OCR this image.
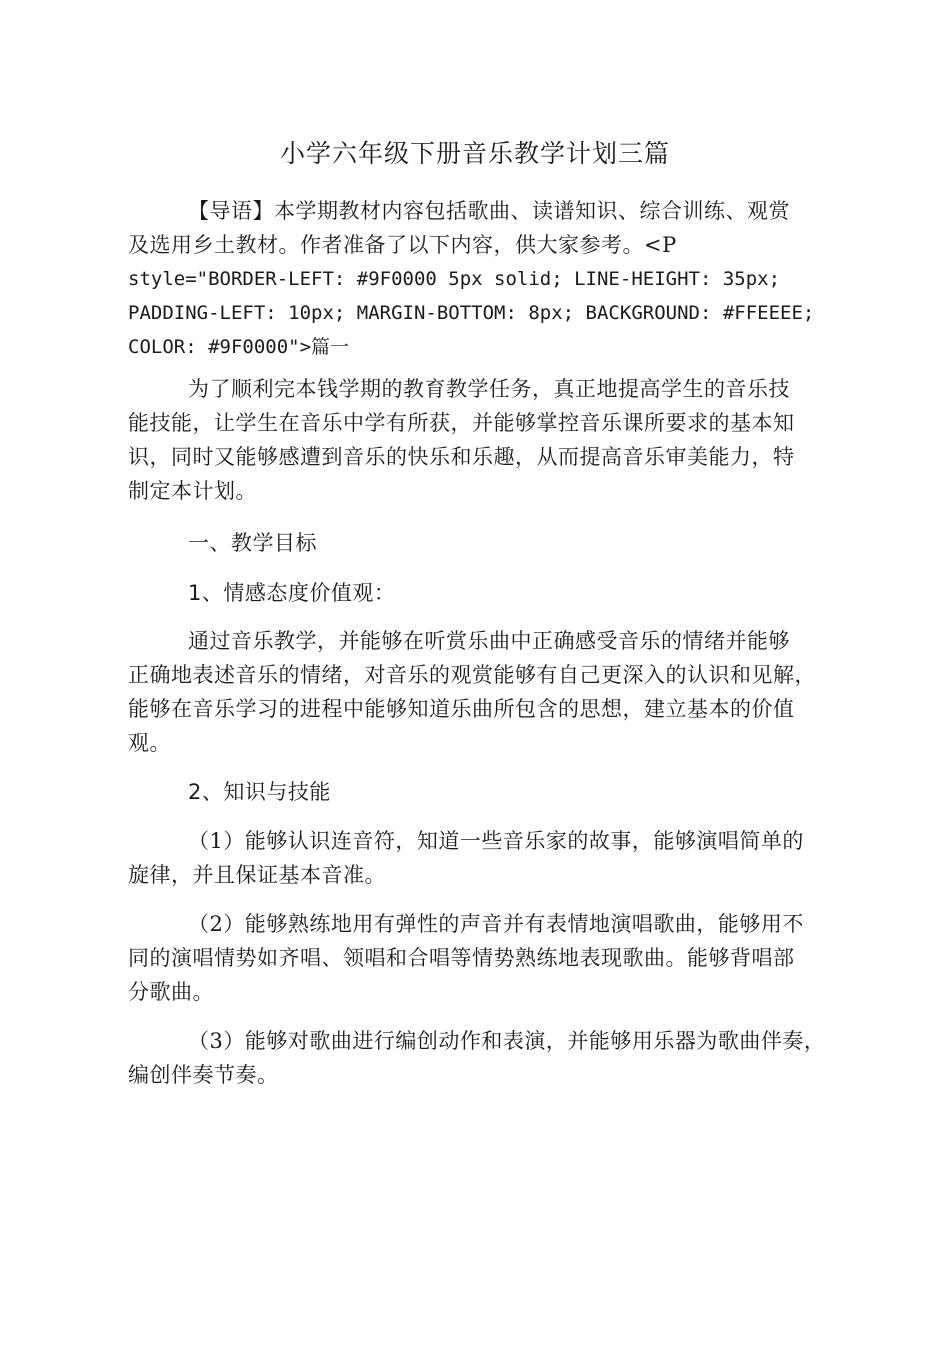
小学六年级下册音乐教学计划三篇
【导语】本学期教材内容包括歌曲、读谱知识、综合训练、观赏
及选用乡土教材。作者准备了以下内容，供大家参考。<P
style="BORDER-LEFT: #9F0000 5px solid; LINE-HEIGHT: 35px;
PADDING-LEFT: 10px; MARGIN-BOTTOM: 8px; BACKGROUND: #FFEEEE;
COLOR: #9F0000">篇一
为了顺利完本钱学期的教育教学任务，真正地提高学生的音乐技
能技能，让学生在音乐中学有所获，并能够掌控音乐课所要求的基本知
识，同时又能够感遭到音乐的快乐和乐趣，从而提高音乐审美能力，特
制定本计划。
一、教学目标
1、情感态度价值观：
通过音乐教学，并能够在听赏乐曲中正确感受音乐的情绪并能够
正确地表述音乐的情绪，对音乐的观赏能够有自己更深入的认识和见解，
能够在音乐学习的进程中能够知道乐曲所包含的思想，建立基本的价值
观。
2、知识与技能
（1）能够认识连音符，知道一些音乐家的故事，能够演唱简单的
旋律，并且保证基本音准。
（2）能够熟练地用有弹性的声音并有表情地演唱歌曲，能够用不
同的演唱情势如齐唱、领唱和合唱等情势熟练地表现歌曲。能够背唱部
分歌曲。
（3）能够对歌曲进行编创动作和表演，并能够用乐器为歌曲伴奏，
编创伴奏节奏。
